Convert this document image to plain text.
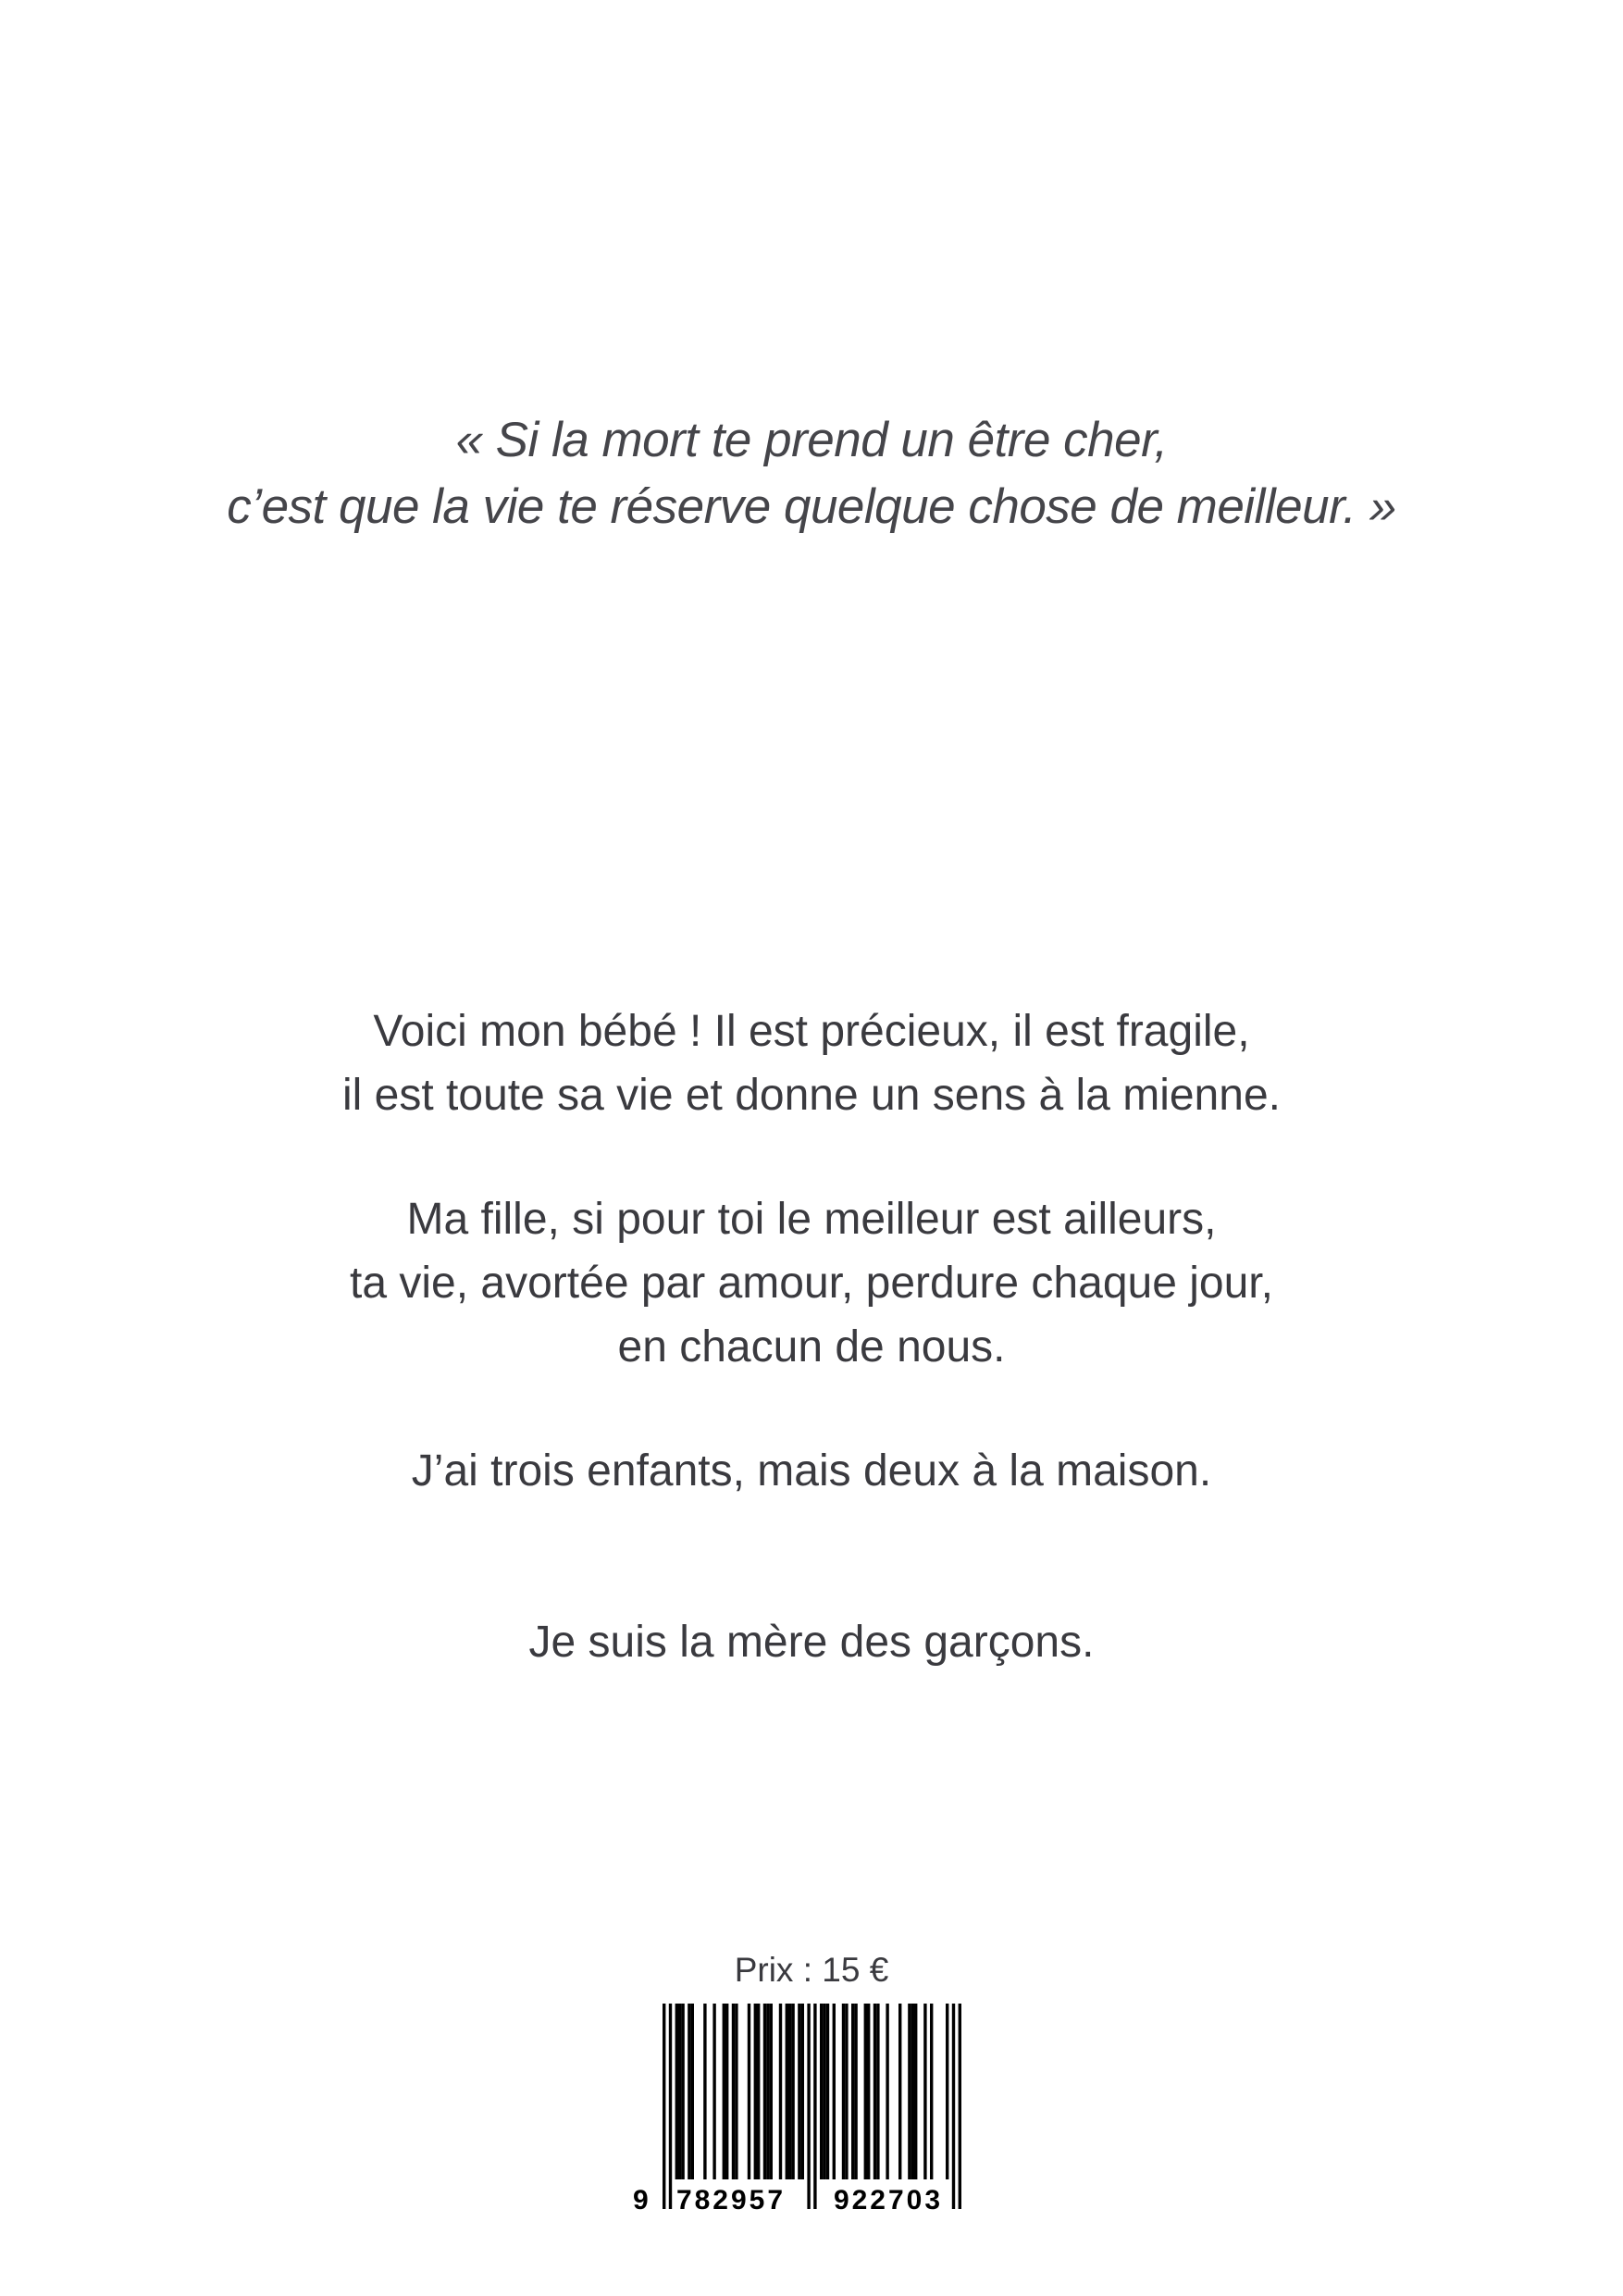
« Si la mort te prend un être cher,
c’est que la vie te réserve quelque chose de meilleur. »
Voici mon bébé ! Il est précieux, il est fragile,
il est toute sa vie et donne un sens à la mienne.
Ma fille, si pour toi le meilleur est ailleurs,
ta vie, avortée par amour, perdure chaque jour,
en chacun de nous.
J’ai trois enfants, mais deux à la maison.
Je suis la mère des garçons.
Prix : 15 €
9 782957 922703
